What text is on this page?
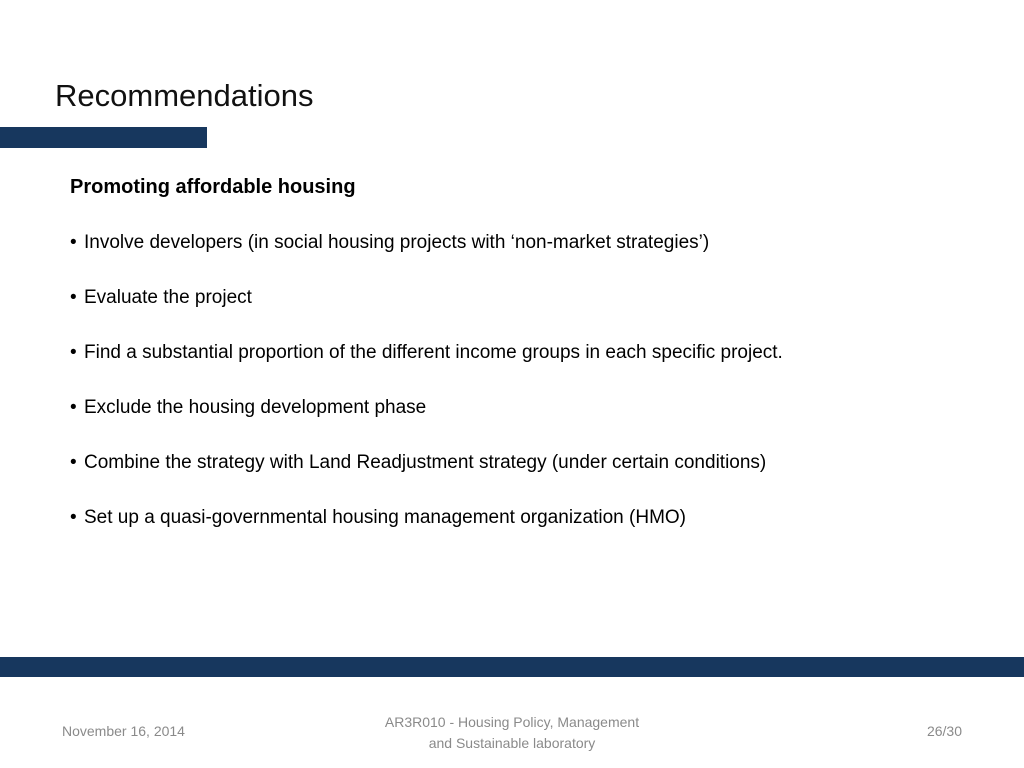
Recommendations
Promoting affordable housing
• Involve developers (in social housing projects with ‘non-market strategies’)
• Evaluate the project
• Find a substantial proportion of the different income groups in each specific project.
• Exclude the housing development phase
• Combine the strategy with Land Readjustment strategy (under certain conditions)
• Set up a quasi-governmental housing management organization (HMO)
November 16, 2014
AR3R010 - Housing Policy, Management
and Sustainable laboratory
26/30
